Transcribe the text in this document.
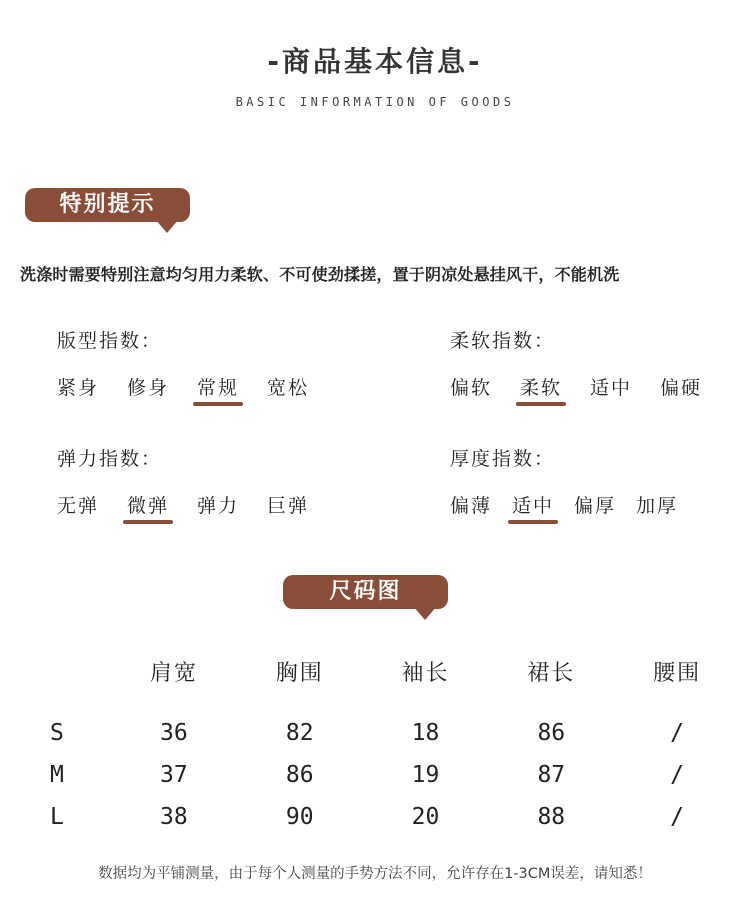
-商品基本信息-
BASIC INFORMATION OF GOODS
特别提示
洗涤时需要特别注意均匀用力柔软、不可使劲揉搓，置于阴凉处悬挂风干，不能机洗
版型指数：
紧身 修身 常规 宽松
柔软指数：
偏软 柔软 适中 偏硬
弹力指数：
无弹 微弹 弹力 巨弹
厚度指数：
偏薄 适中 偏厚 加厚
尺码图
	肩宽	胸围	袖长	裙长	腰围

S	36	82	18	86	/
M	37	86	19	87	/
L	38	90	20	88	/
数据均为平铺测量，由于每个人测量的手势方法不同，允许存在1-3CM误差，请知悉！
